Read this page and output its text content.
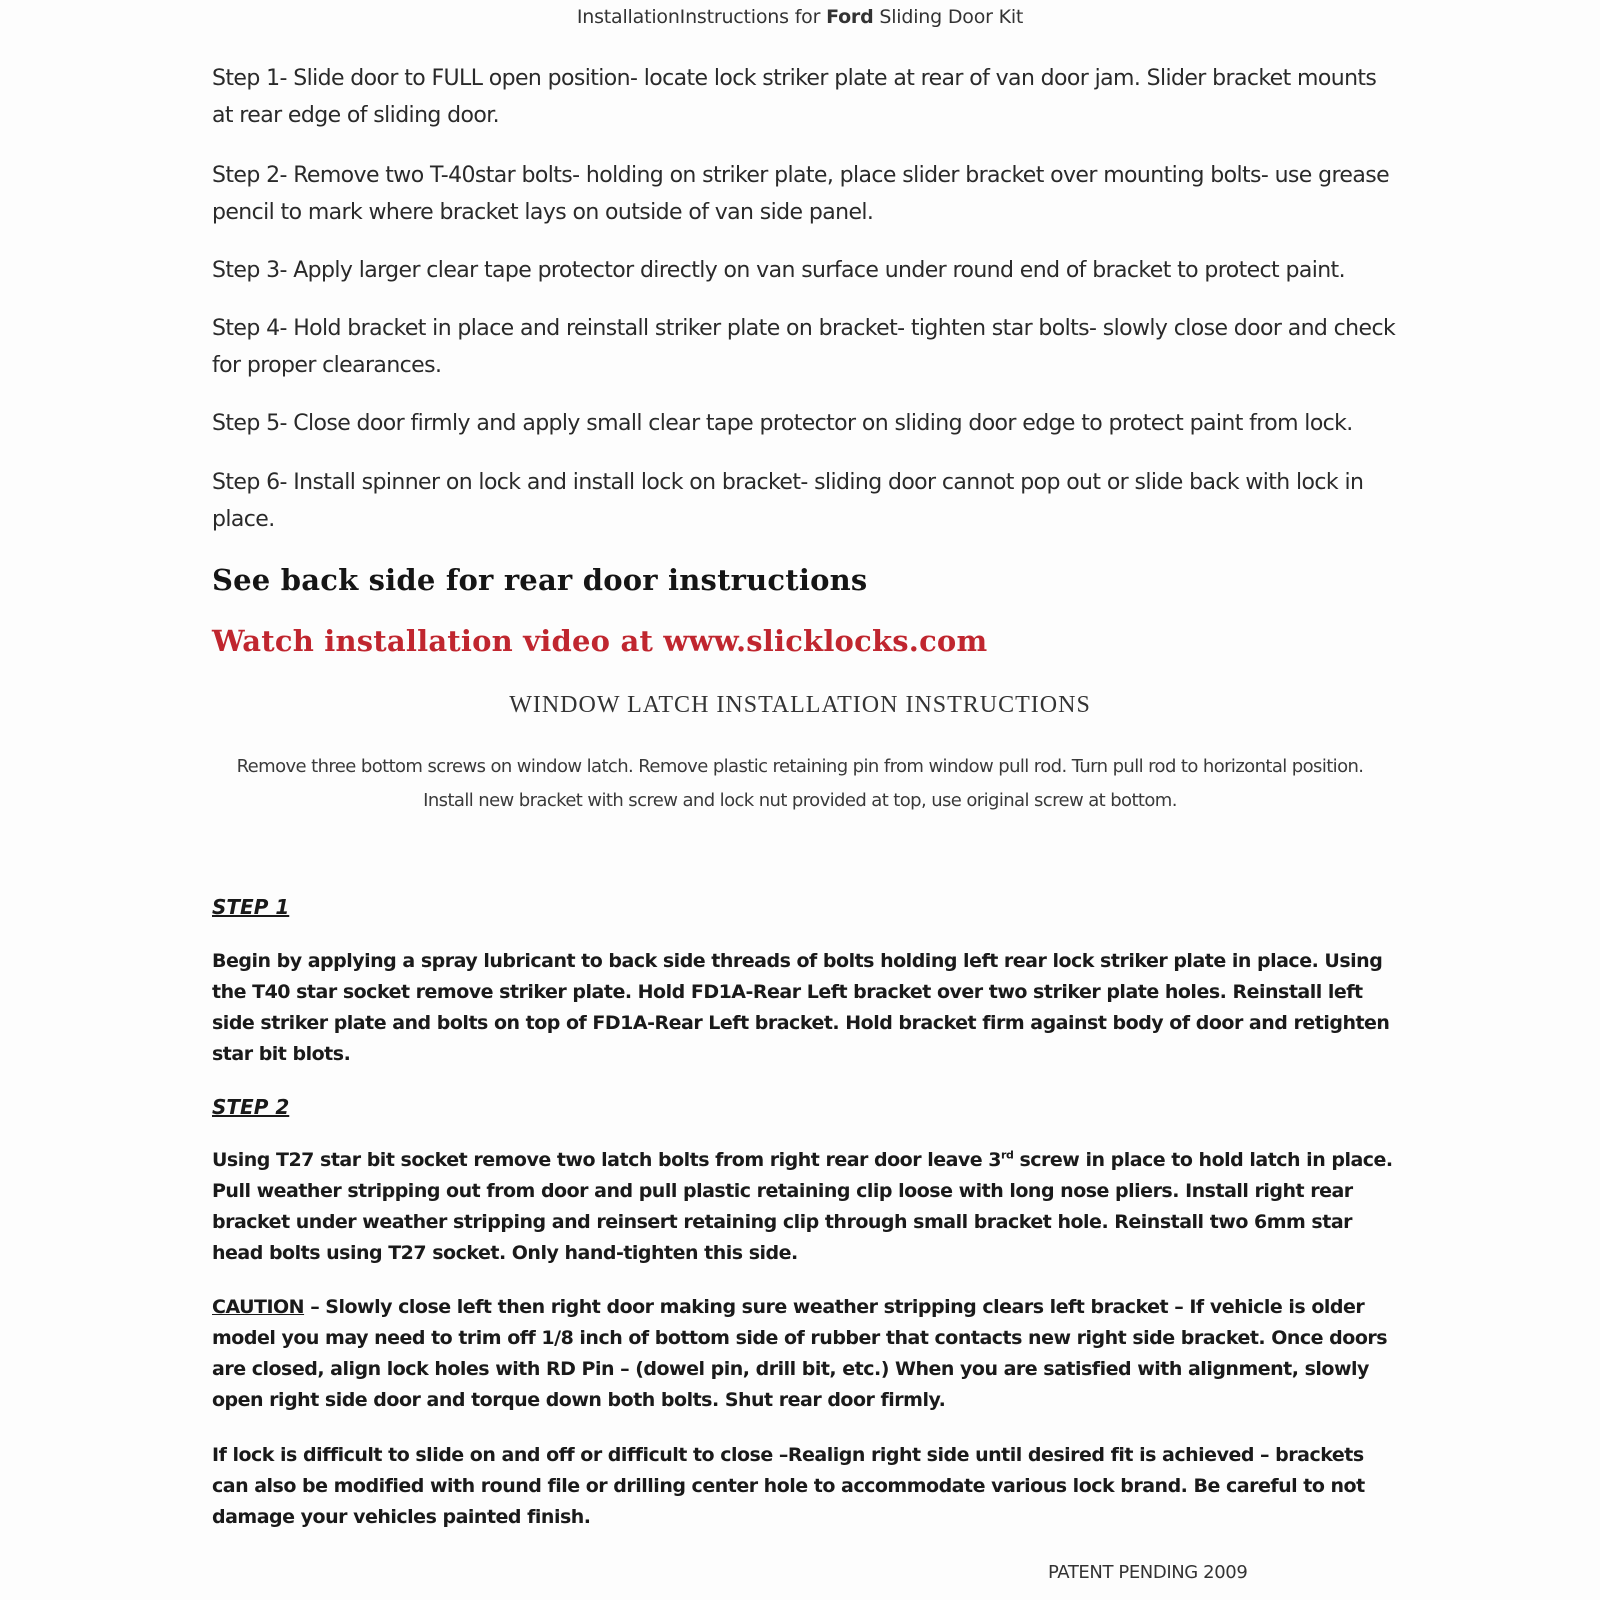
InstallationInstructions for Ford Sliding Door Kit
Step 1- Slide door to FULL open position- locate lock striker plate at rear of van door jam. Slider bracket mounts at rear edge of sliding door.
Step 2- Remove two T-40star bolts- holding on striker plate, place slider bracket over mounting bolts- use grease pencil to mark where bracket lays on outside of van side panel.
Step 3- Apply larger clear tape protector directly on van surface under round end of bracket to protect paint.
Step 4- Hold bracket in place and reinstall striker plate on bracket- tighten star bolts- slowly close door and check for proper clearances.
Step 5- Close door firmly and apply small clear tape protector on sliding door edge to protect paint from lock.
Step 6- Install spinner on lock and install lock on bracket- sliding door cannot pop out or slide back with lock in place.
See back side for rear door instructions
Watch installation video at www.slicklocks.com
WINDOW LATCH INSTALLATION INSTRUCTIONS
Remove three bottom screws on window latch. Remove plastic retaining pin from window pull rod. Turn pull rod to horizontal position. Install new bracket with screw and lock nut provided at top, use original screw at bottom.
STEP 1
Begin by applying a spray lubricant to back side threads of bolts holding left rear lock striker plate in place. Using the T40 star socket remove striker plate. Hold FD1A-Rear Left bracket over two striker plate holes. Reinstall left side striker plate and bolts on top of FD1A-Rear Left bracket. Hold bracket firm against body of door and retighten star bit blots.
STEP 2
Using T27 star bit socket remove two latch bolts from right rear door leave 3rd screw in place to hold latch in place. Pull weather stripping out from door and pull plastic retaining clip loose with long nose pliers. Install right rear bracket under weather stripping and reinsert retaining clip through small bracket hole. Reinstall two 6mm star head bolts using T27 socket. Only hand-tighten this side.
CAUTION – Slowly close left then right door making sure weather stripping clears left bracket – If vehicle is older model you may need to trim off 1/8 inch of bottom side of rubber that contacts new right side bracket. Once doors are closed, align lock holes with RD Pin – (dowel pin, drill bit, etc.) When you are satisfied with alignment, slowly open right side door and torque down both bolts. Shut rear door firmly.
If lock is difficult to slide on and off or difficult to close –Realign right side until desired fit is achieved – brackets can also be modified with round file or drilling center hole to accommodate various lock brand. Be careful to not damage your vehicles painted finish.
PATENT PENDING 2009
